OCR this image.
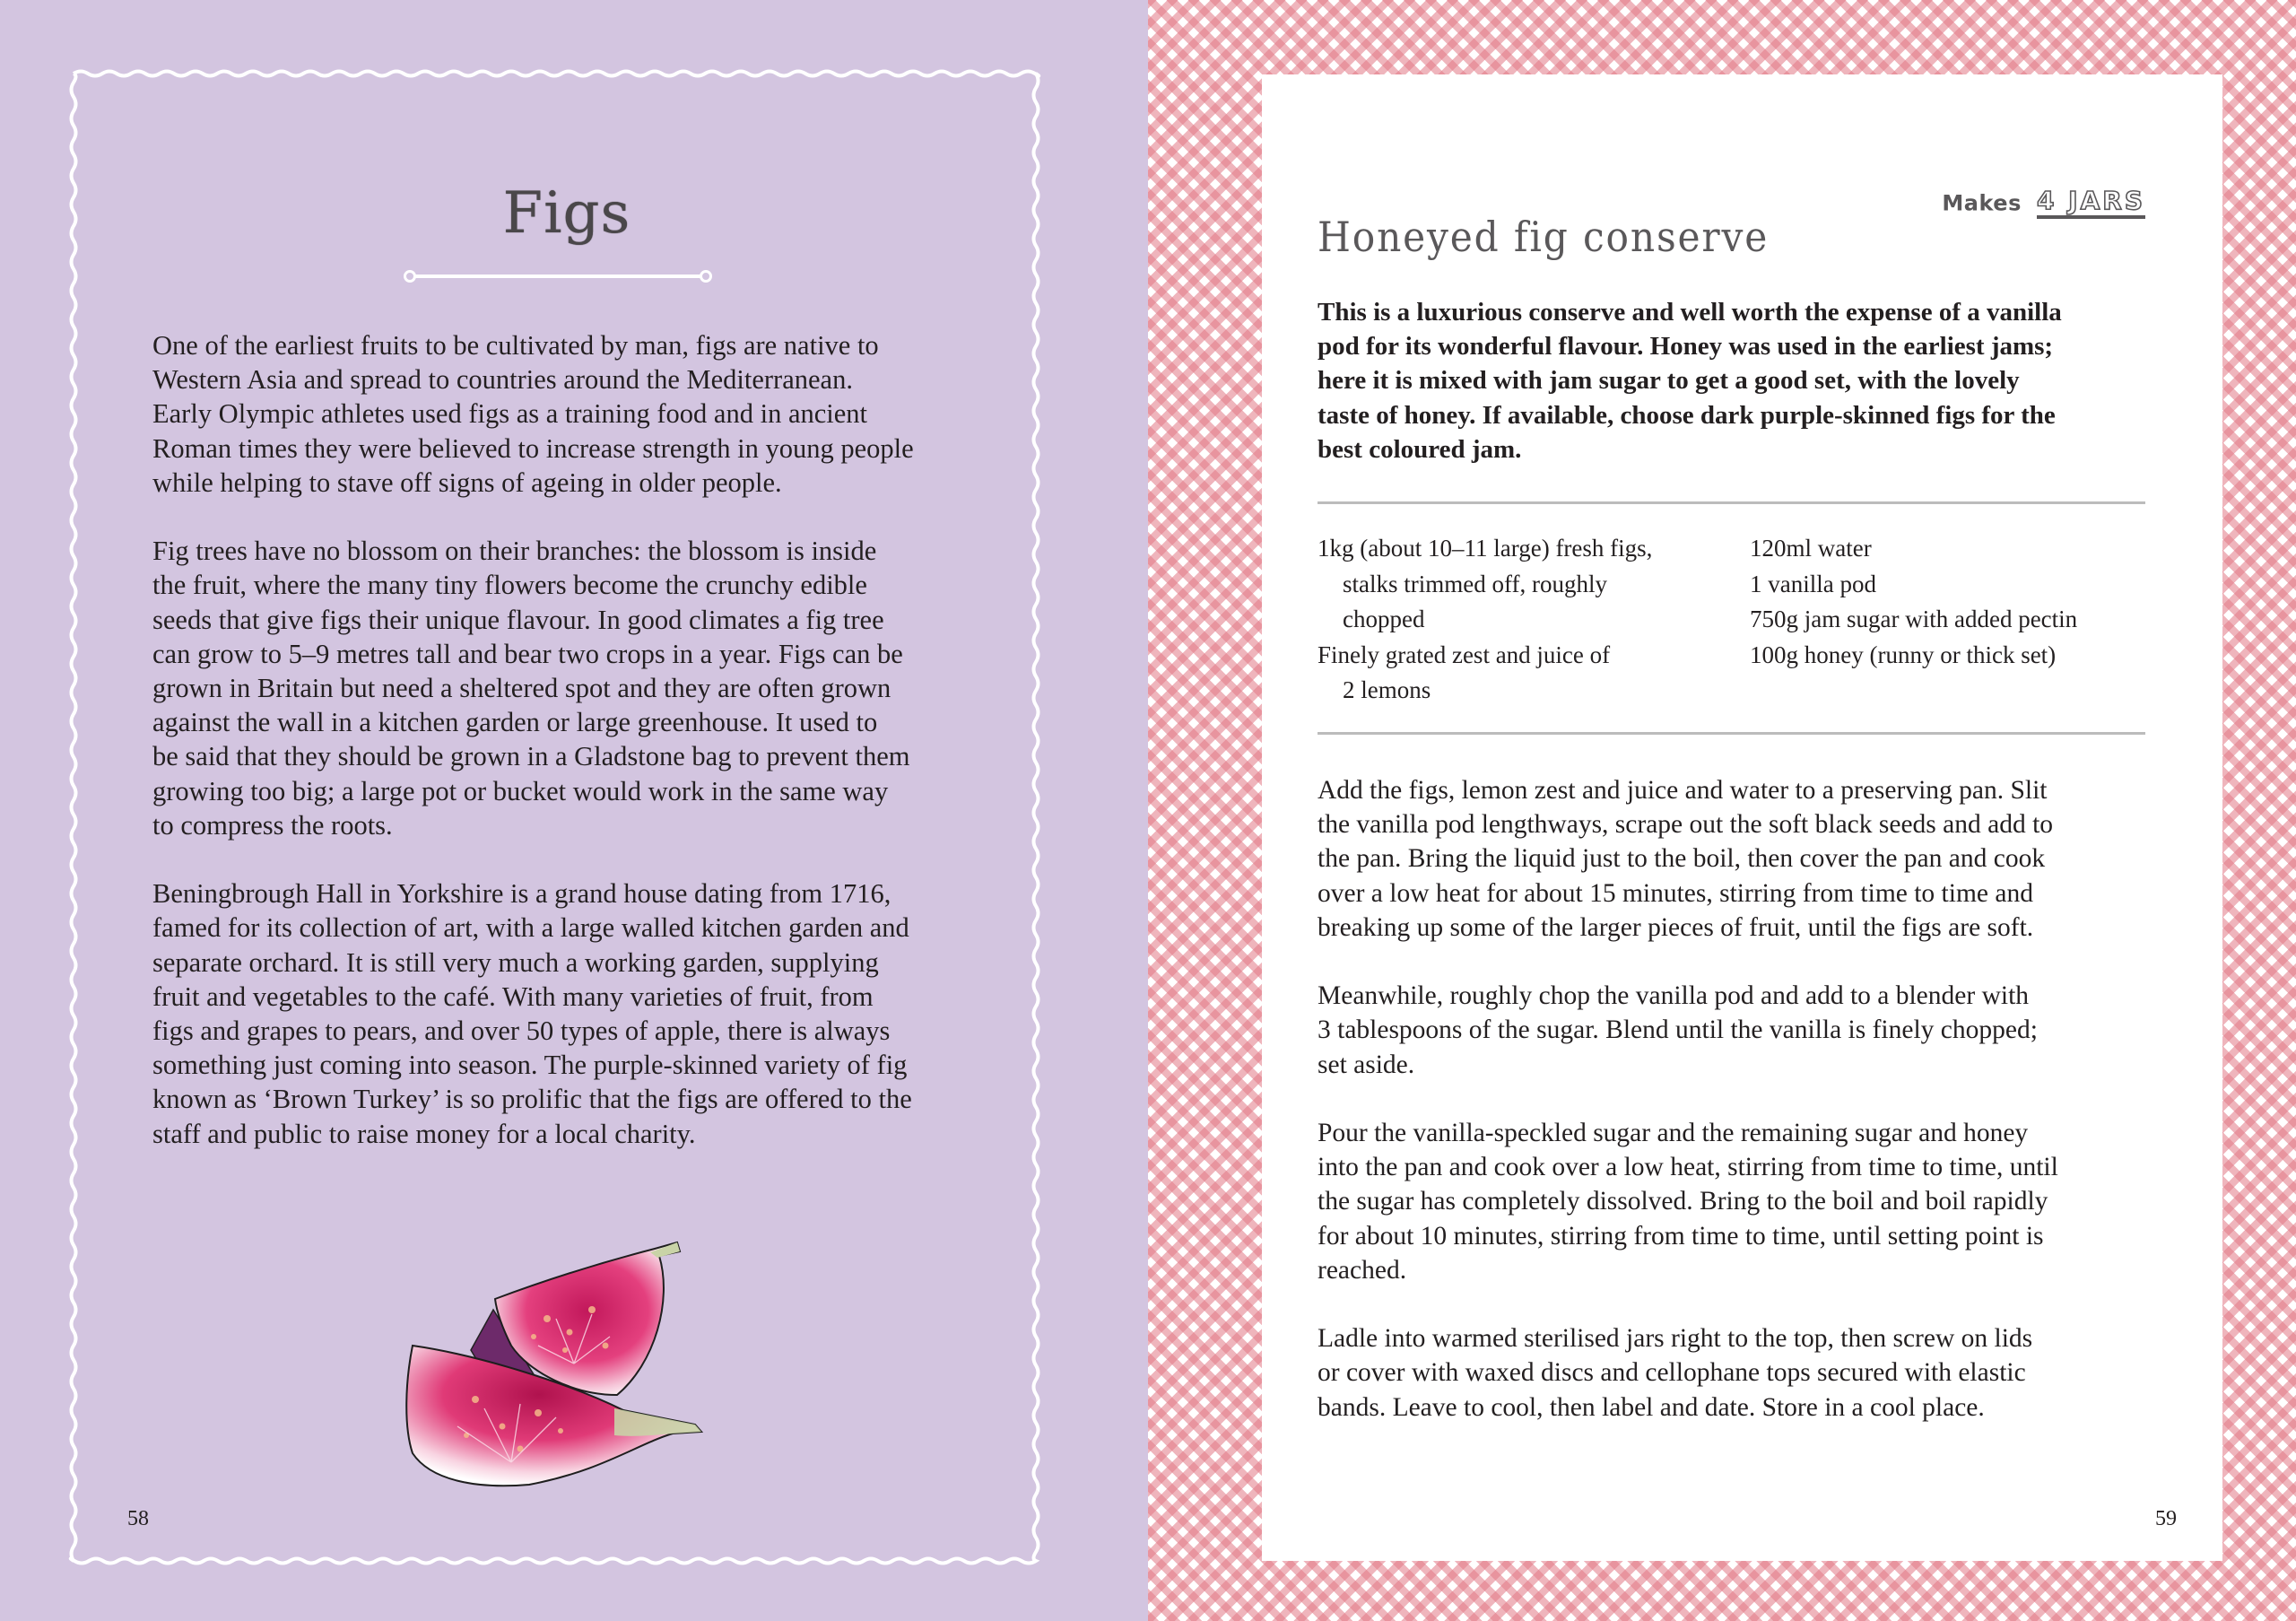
Figs

One of the earliest fruits to be cultivated by man, figs are native to
Western Asia and spread to countries around the Mediterranean.
Early Olympic athletes used figs as a training food and in ancient
Roman times they were believed to increase strength in young people
while helping to stave off signs of ageing in older people.

Fig trees have no blossom on their branches: the blossom is inside
the fruit, where the many tiny flowers become the crunchy edible
seeds that give figs their unique flavour. In good climates a fig tree
can grow to 5–9 metres tall and bear two crops in a year. Figs can be
grown in Britain but need a sheltered spot and they are often grown
against the wall in a kitchen garden or large greenhouse. It used to
be said that they should be grown in a Gladstone bag to prevent them
growing too big; a large pot or bucket would work in the same way
to compress the roots.

Beningbrough Hall in Yorkshire is a grand house dating from 1716,
famed for its collection of art, with a large walled kitchen garden and
separate orchard. It is still very much a working garden, supplying
fruit and vegetables to the café. With many varieties of fruit, from
figs and grapes to pears, and over 50 types of apple, there is always
something just coming into season. The purple-skinned variety of fig
known as ‘Brown Turkey’ is so prolific that the figs are offered to the
staff and public to raise money for a local charity.

58
Makes 4 JARS
Honeyed fig conserve
This is a luxurious conserve and well worth the expense of a vanilla
pod for its wonderful flavour. Honey was used in the earliest jams;
here it is mixed with jam sugar to get a good set, with the lovely
taste of honey. If available, choose dark purple-skinned figs for the
best coloured jam.
1kg (about 10–11 large) fresh figs,
stalks trimmed off, roughly
chopped
Finely grated zest and juice of
2 lemons
120ml water
1 vanilla pod
750g jam sugar with added pectin
100g honey (runny or thick set)

Add the figs, lemon zest and juice and water to a preserving pan. Slit
the vanilla pod lengthways, scrape out the soft black seeds and add to
the pan. Bring the liquid just to the boil, then cover the pan and cook
over a low heat for about 15 minutes, stirring from time to time and
breaking up some of the larger pieces of fruit, until the figs are soft.

Meanwhile, roughly chop the vanilla pod and add to a blender with
3 tablespoons of the sugar. Blend until the vanilla is finely chopped;
set aside.

Pour the vanilla-speckled sugar and the remaining sugar and honey
into the pan and cook over a low heat, stirring from time to time, until
the sugar has completely dissolved. Bring to the boil and boil rapidly
for about 10 minutes, stirring from time to time, until setting point is
reached.

Ladle into warmed sterilised jars right to the top, then screw on lids
or cover with waxed discs and cellophane tops secured with elastic
bands. Leave to cool, then label and date. Store in a cool place.

59
